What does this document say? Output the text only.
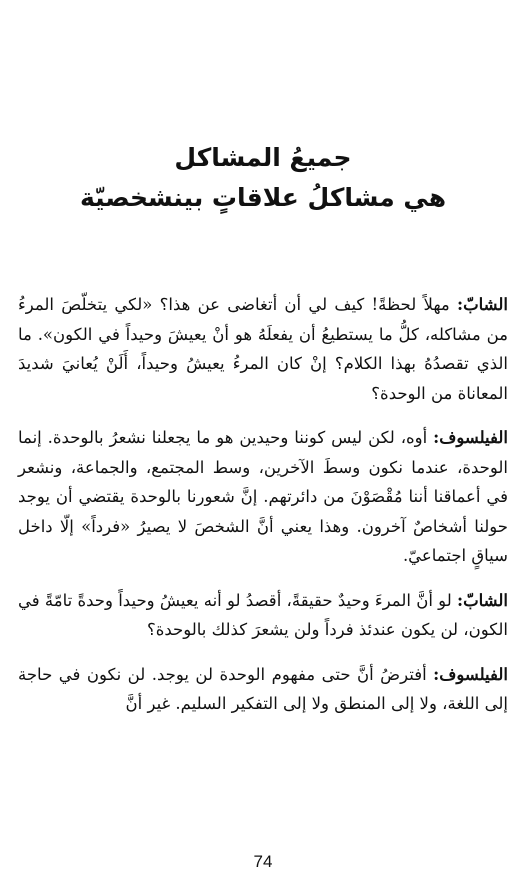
جميعُ المشاكل
هي مشاكلُ علاقاتٍ بينشخصيّة

الشابّ: مهلاً لحظةً! كيف لي أن أتغاضى عن هذا؟ «لكي يتخلّصَ المرءُ من مشاكله، كلُّ ما يستطيعُ أن يفعلَهُ هو أنْ يعيشَ وحيداً في الكون». ما الذي تقصدُهُ بهذا الكلام؟ إنْ كان المرءُ يعيشُ وحيداً، أَلَنْ يُعانيَ شديدَ المعاناة من الوحدة؟

الفيلسوف: أوه، لكن ليس كوننا وحيدين هو ما يجعلنا نشعرُ بالوحدة. إنما الوحدة، عندما نكون وسطَ الآخرين، وسط المجتمع، والجماعة، ونشعر في أعماقنا أننا مُقْصَوْنَ من دائرتهم. إنَّ شعورنا بالوحدة يقتضي أن يوجد حولنا أشخاصٌ آخرون. وهذا يعني أنَّ الشخصَ لا يصيرُ «فرداً» إلّا داخل سياقٍ اجتماعيّ.

الشابّ: لو أنَّ المرءَ وحيدٌ حقيقةً، أقصدُ لو أنه يعيشُ وحيداً وحدةً تامّةً في الكون، لن يكون عندئذ فرداً ولن يشعرَ كذلك بالوحدة؟

الفيلسوف: أفترضُ أنَّ حتى مفهوم الوحدة لن يوجد. لن نكون في حاجة إلى اللغة، ولا إلى المنطق ولا إلى التفكير السليم. غير أنَّ

74
